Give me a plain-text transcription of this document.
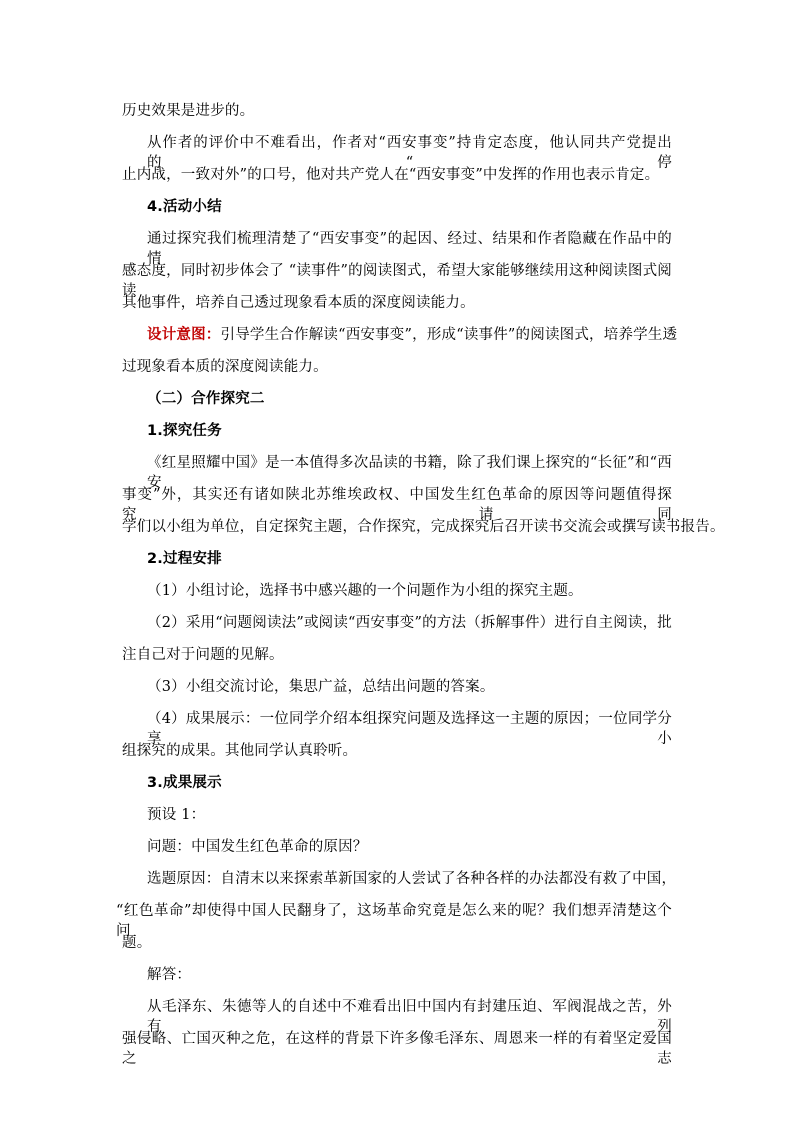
历史效果是进步的。

从作者的评价中不难看出，作者对“西安事变”持肯定态度，他认同共产党提出的“停

止内战，一致对外”的口号，他对共产党人在“西安事变”中发挥的作用也表示肯定。

4.活动小结

通过探究我们梳理清楚了“西安事变”的起因、经过、结果和作者隐藏在作品中的情

感态度，同时初步体会了 “读事件”的阅读图式，希望大家能够继续用这种阅读图式阅读

其他事件，培养自己透过现象看本质的深度阅读能力。

设计意图：引导学生合作解读“西安事变”，形成“读事件”的阅读图式，培养学生透

过现象看本质的深度阅读能力。

（二）合作探究二

1.探究任务

《红星照耀中国》是一本值得多次品读的书籍，除了我们课上探究的“长征”和“西安

事变”外，其实还有诸如陕北苏维埃政权、中国发生红色革命的原因等问题值得探究，请同

学们以小组为单位，自定探究主题，合作探究，完成探究后召开读书交流会或撰写读书报告。

2.过程安排

（1）小组讨论，选择书中感兴趣的一个问题作为小组的探究主题。

（2）采用“问题阅读法”或阅读“西安事变”的方法（拆解事件）进行自主阅读，批

注自己对于问题的见解。

（3）小组交流讨论，集思广益，总结出问题的答案。

（4）成果展示：一位同学介绍本组探究问题及选择这一主题的原因；一位同学分享小

组探究的成果。其他同学认真聆听。

3.成果展示

预设 1：

问题：中国发生红色革命的原因？

选题原因：自清末以来探索革新国家的人尝试了各种各样的办法都没有救了中国，

“红色革命”却使得中国人民翻身了，这场革命究竟是怎么来的呢？我们想弄清楚这个问

题。

解答：

从毛泽东、朱德等人的自述中不难看出旧中国内有封建压迫、军阀混战之苦，外有列

强侵略、亡国灭种之危，在这样的背景下许多像毛泽东、周恩来一样的有着坚定爱国之志
